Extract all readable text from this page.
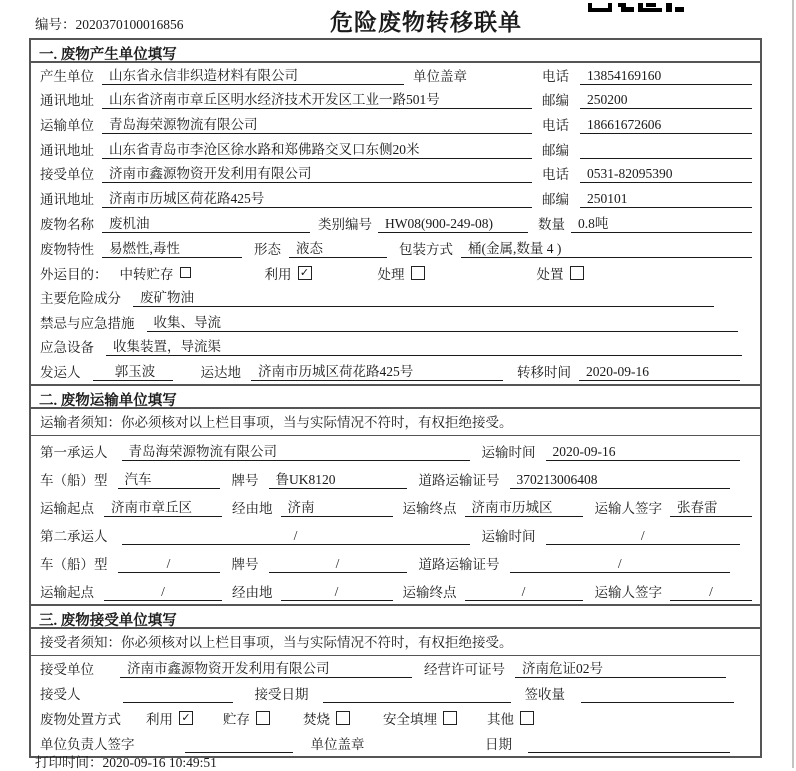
编号：2020370100016856	危险废物转移联单
一. 废物产生单位填写
产生单位	山东省永信非织造材料有限公司	单位盖章	电话	13854169160
通讯地址	山东省济南市章丘区明水经济技术开发区工业一路501号	邮编	250200
运输单位	青岛海荣源物流有限公司	电话	18661672606
通讯地址	山东省青岛市李沧区徐水路和郑佛路交叉口东侧20米	邮编
接受单位	济南市鑫源物资开发利用有限公司	电话	0531-82095390
通讯地址	济南市历城区荷花路425号	邮编	250101
废物名称	废机油	类别编号 HW08(900-249-08)	数量 0.8吨
废物特性	易燃性,毒性	形态	液态	包装方式	桶(金属,数量 4 )
外运目的： 中转贮存	利用 ✓	处理	处置
主要危险成分	废矿物油
禁忌与应急措施	收集、导流
应急设备	收集装置，导流渠
发运人	郭玉波	运达地	济南市历城区荷花路425号	转移时间	2020-09-16
二. 废物运输单位填写
运输者须知：你必须核对以上栏目事项，当与实际情况不符时，有权拒绝接受。
第一承运人	青岛海荣源物流有限公司	运输时间	2020-09-16
车（船）型	汽车	牌号	鲁UK8120	道路运输证号	370213006408
运输起点	济南市章丘区	经由地	济南	运输终点	济南市历城区	运输人签字	张春雷
第二承运人	/	运输时间	/
车（船）型	/	牌号	/	道路运输证号	/
运输起点	/	经由地	/	运输终点	/	运输人签字	/
三. 废物接受单位填写
接受者须知：你必须核对以上栏目事项，当与实际情况不符时，有权拒绝接受。
接受单位	济南市鑫源物资开发利用有限公司	经营许可证号	济南危证02号
接受人	接受日期	签收量
废物处置方式 利用 ✓ 贮存	焚烧	安全填埋	其他
单位负责人签字	单位盖章	日期
打印时间：2020-09-16 10:49:51
